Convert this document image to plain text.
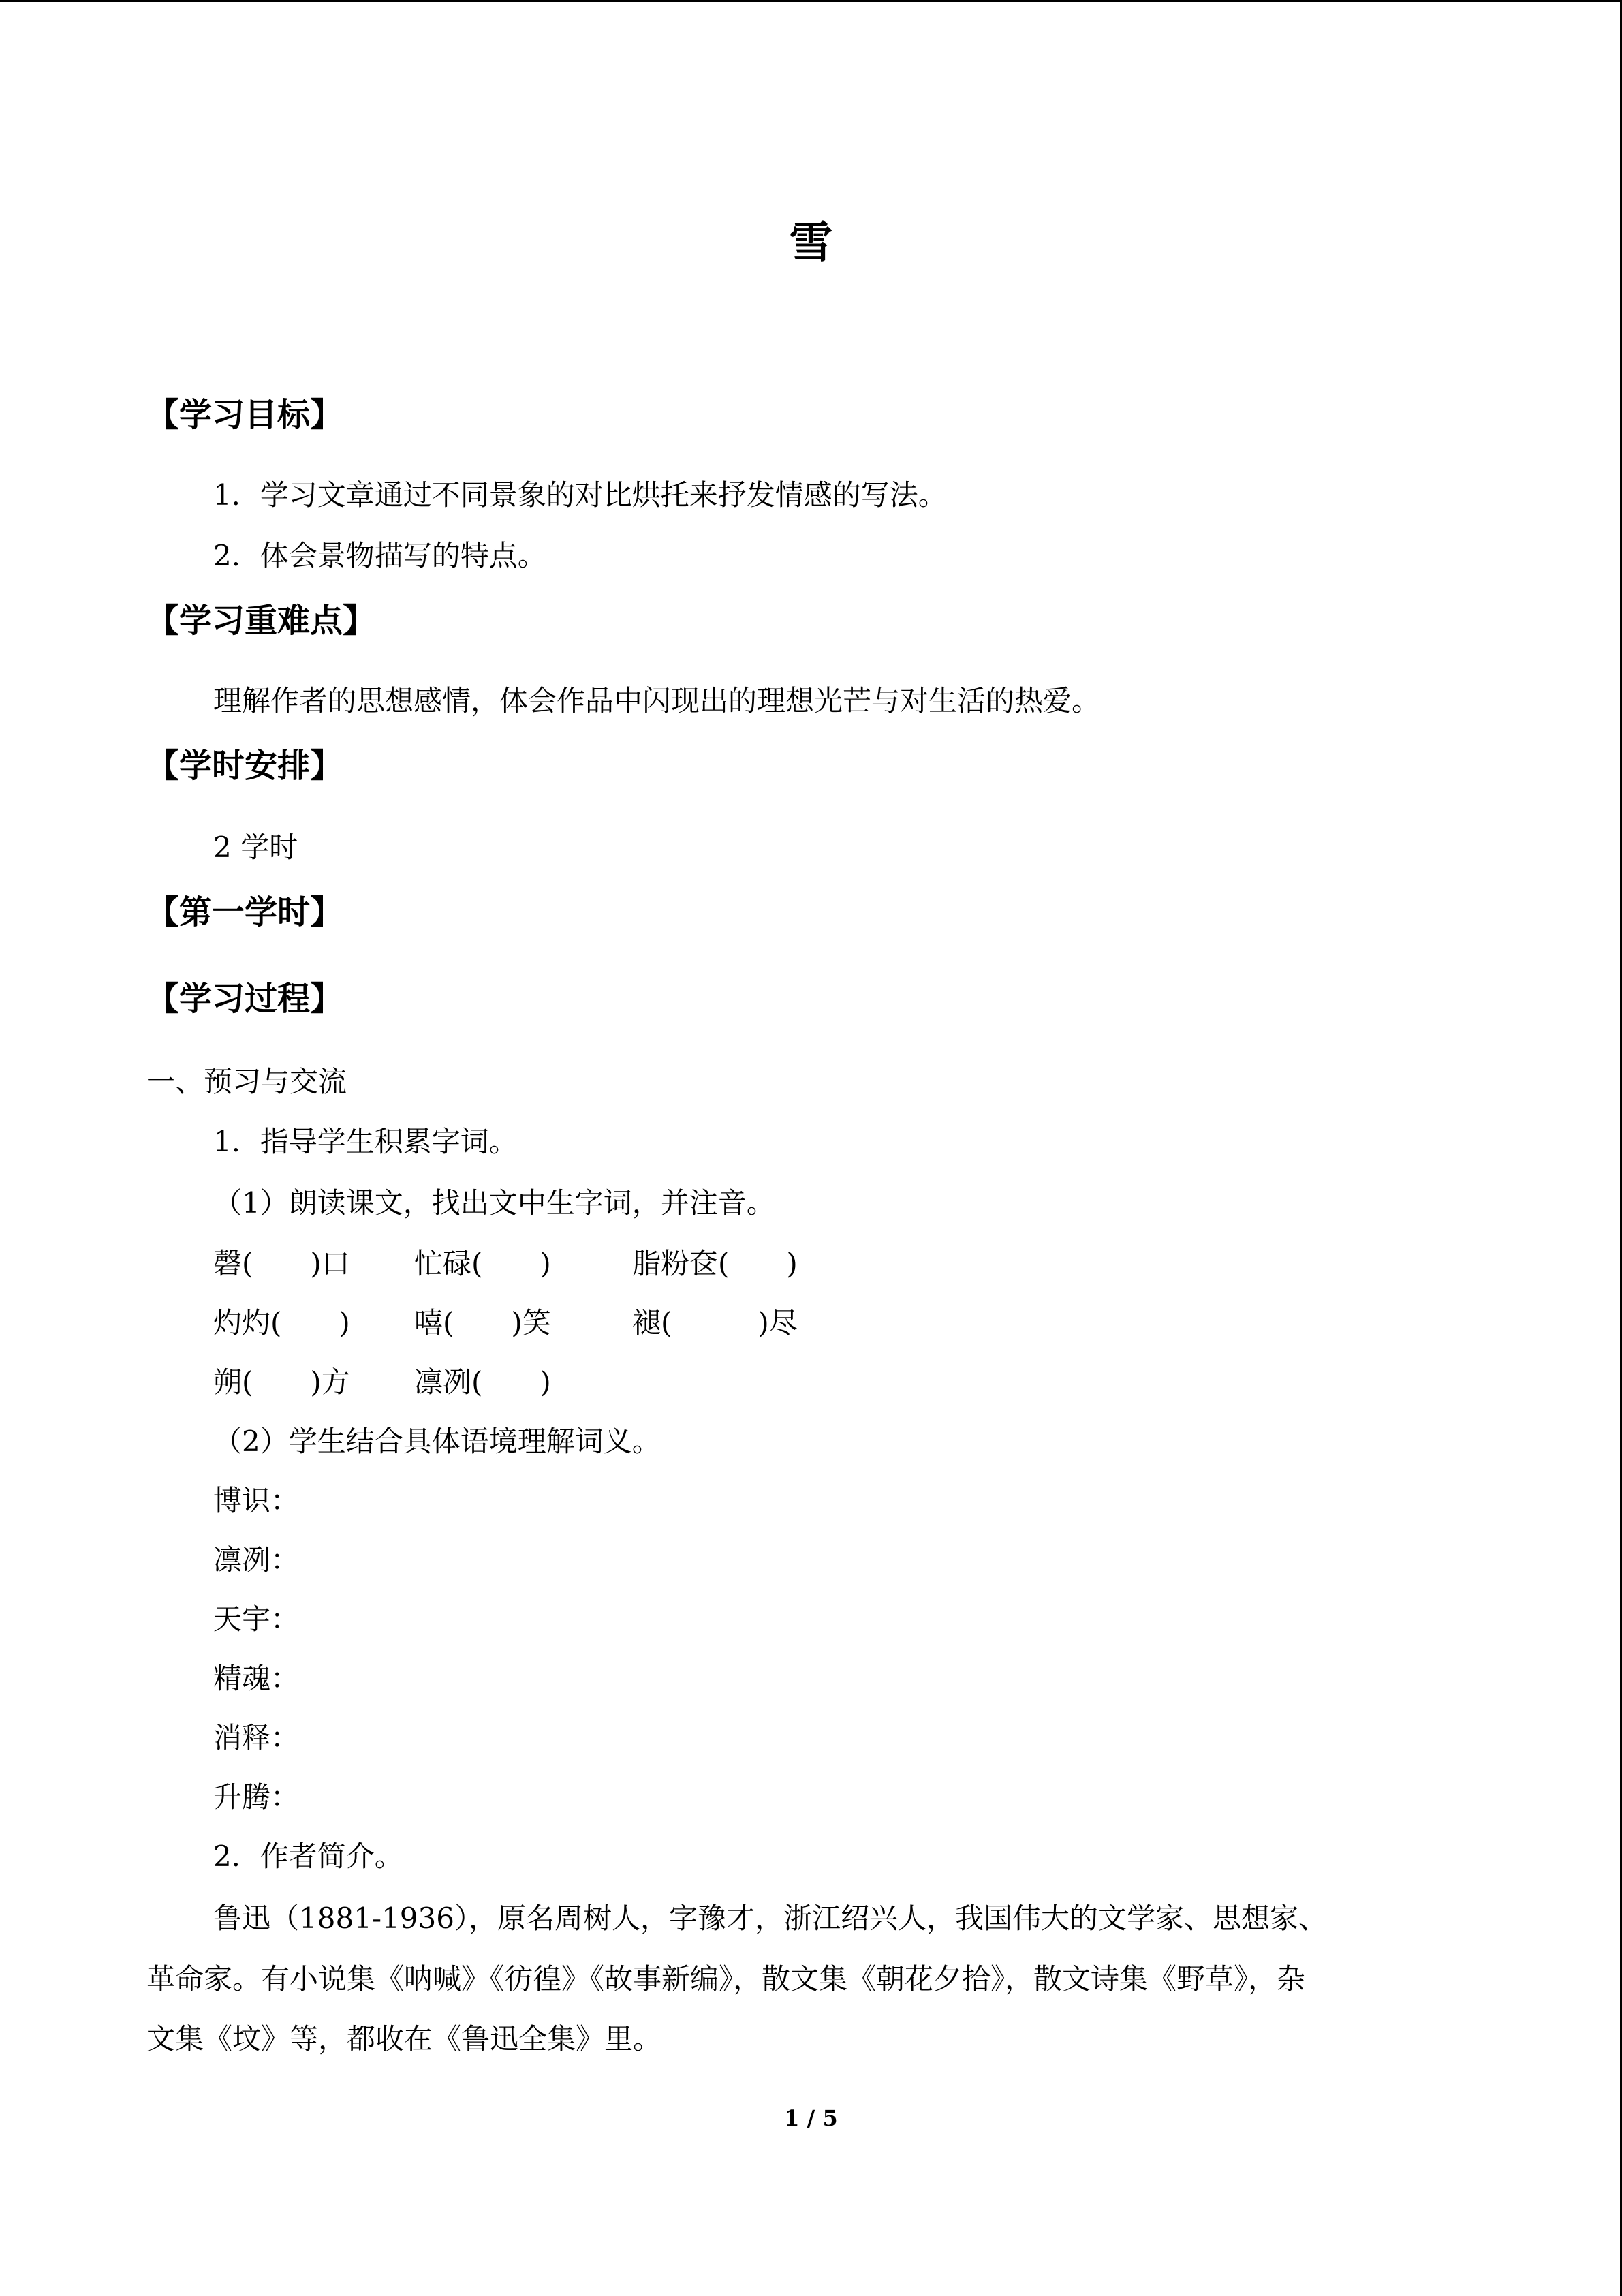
雪
【学习目标】
1．学习文章通过不同景象的对比烘托来抒发情感的写法。
2．体会景物描写的特点。
【学习重难点】
理解作者的思想感情，体会作品中闪现出的理想光芒与对生活的热爱。
【学时安排】
2 学时
【第一学时】
【学习过程】
一、预习与交流
1．指导学生积累字词。
（1）朗读课文，找出文中生字词，并注音。
磬(　　)口 忙碌(　　)	脂粉奁(　　)
灼灼(　　) 嘻(　　)笑	褪(　　　)尽
朔(　　)方 凛冽(　　)
（2）学生结合具体语境理解词义。
博识：
凛冽：
天宇：
精魂：
消释：
升腾：
2．作者简介。
鲁迅（1881-1936），原名周树人，字豫才，浙江绍兴人，我国伟大的文学家、思想家、
革命家。有小说集《呐喊》《彷徨》《故事新编》，散文集《朝花夕拾》，散文诗集《野草》，杂
文集《坟》等，都收在《鲁迅全集》里。
1 / 5
